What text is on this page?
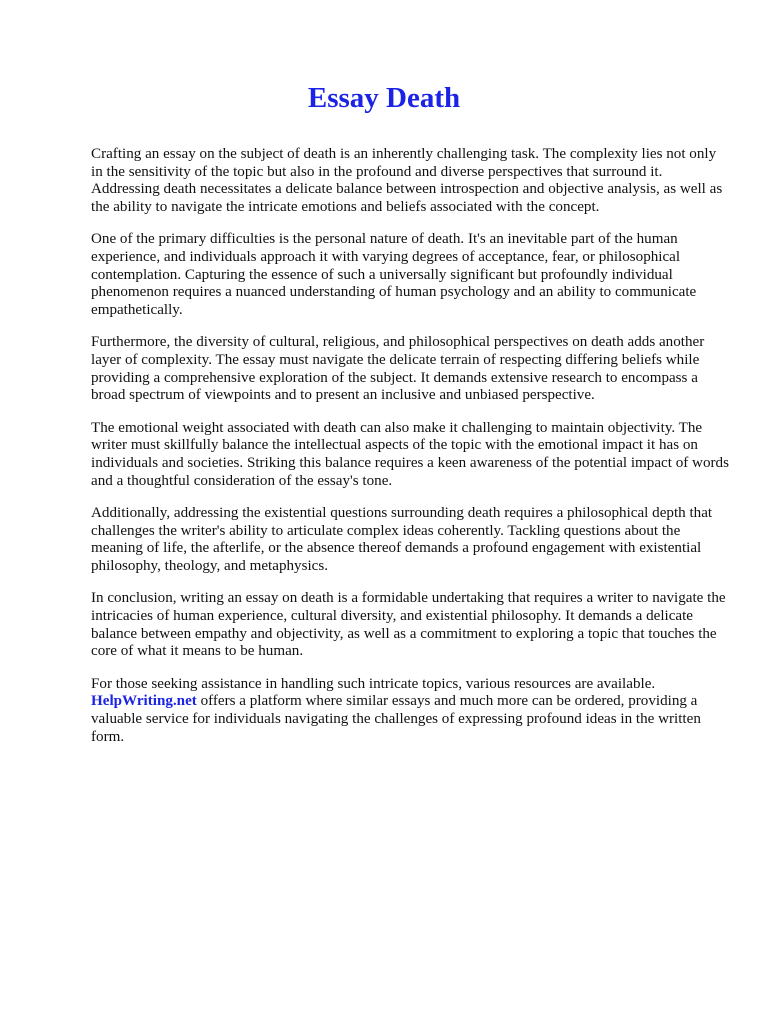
Essay Death

Crafting an essay on the subject of death is an inherently challenging task. The complexity lies not only in the sensitivity of the topic but also in the profound and diverse perspectives that surround it. Addressing death necessitates a delicate balance between introspection and objective analysis, as well as the ability to navigate the intricate emotions and beliefs associated with the concept.

One of the primary difficulties is the personal nature of death. It's an inevitable part of the human experience, and individuals approach it with varying degrees of acceptance, fear, or philosophical contemplation. Capturing the essence of such a universally significant but profoundly individual phenomenon requires a nuanced understanding of human psychology and an ability to communicate empathetically.

Furthermore, the diversity of cultural, religious, and philosophical perspectives on death adds another layer of complexity. The essay must navigate the delicate terrain of respecting differing beliefs while providing a comprehensive exploration of the subject. It demands extensive research to encompass a broad spectrum of viewpoints and to present an inclusive and unbiased perspective.

The emotional weight associated with death can also make it challenging to maintain objectivity. The writer must skillfully balance the intellectual aspects of the topic with the emotional impact it has on individuals and societies. Striking this balance requires a keen awareness of the potential impact of words and a thoughtful consideration of the essay's tone.

Additionally, addressing the existential questions surrounding death requires a philosophical depth that challenges the writer's ability to articulate complex ideas coherently. Tackling questions about the meaning of life, the afterlife, or the absence thereof demands a profound engagement with existential philosophy, theology, and metaphysics.

In conclusion, writing an essay on death is a formidable undertaking that requires a writer to navigate the intricacies of human experience, cultural diversity, and existential philosophy. It demands a delicate balance between empathy and objectivity, as well as a commitment to exploring a topic that touches the core of what it means to be human.

For those seeking assistance in handling such intricate topics, various resources are available.
HelpWriting.net offers a platform where similar essays and much more can be ordered, providing a valuable service for individuals navigating the challenges of expressing profound ideas in the written form.
